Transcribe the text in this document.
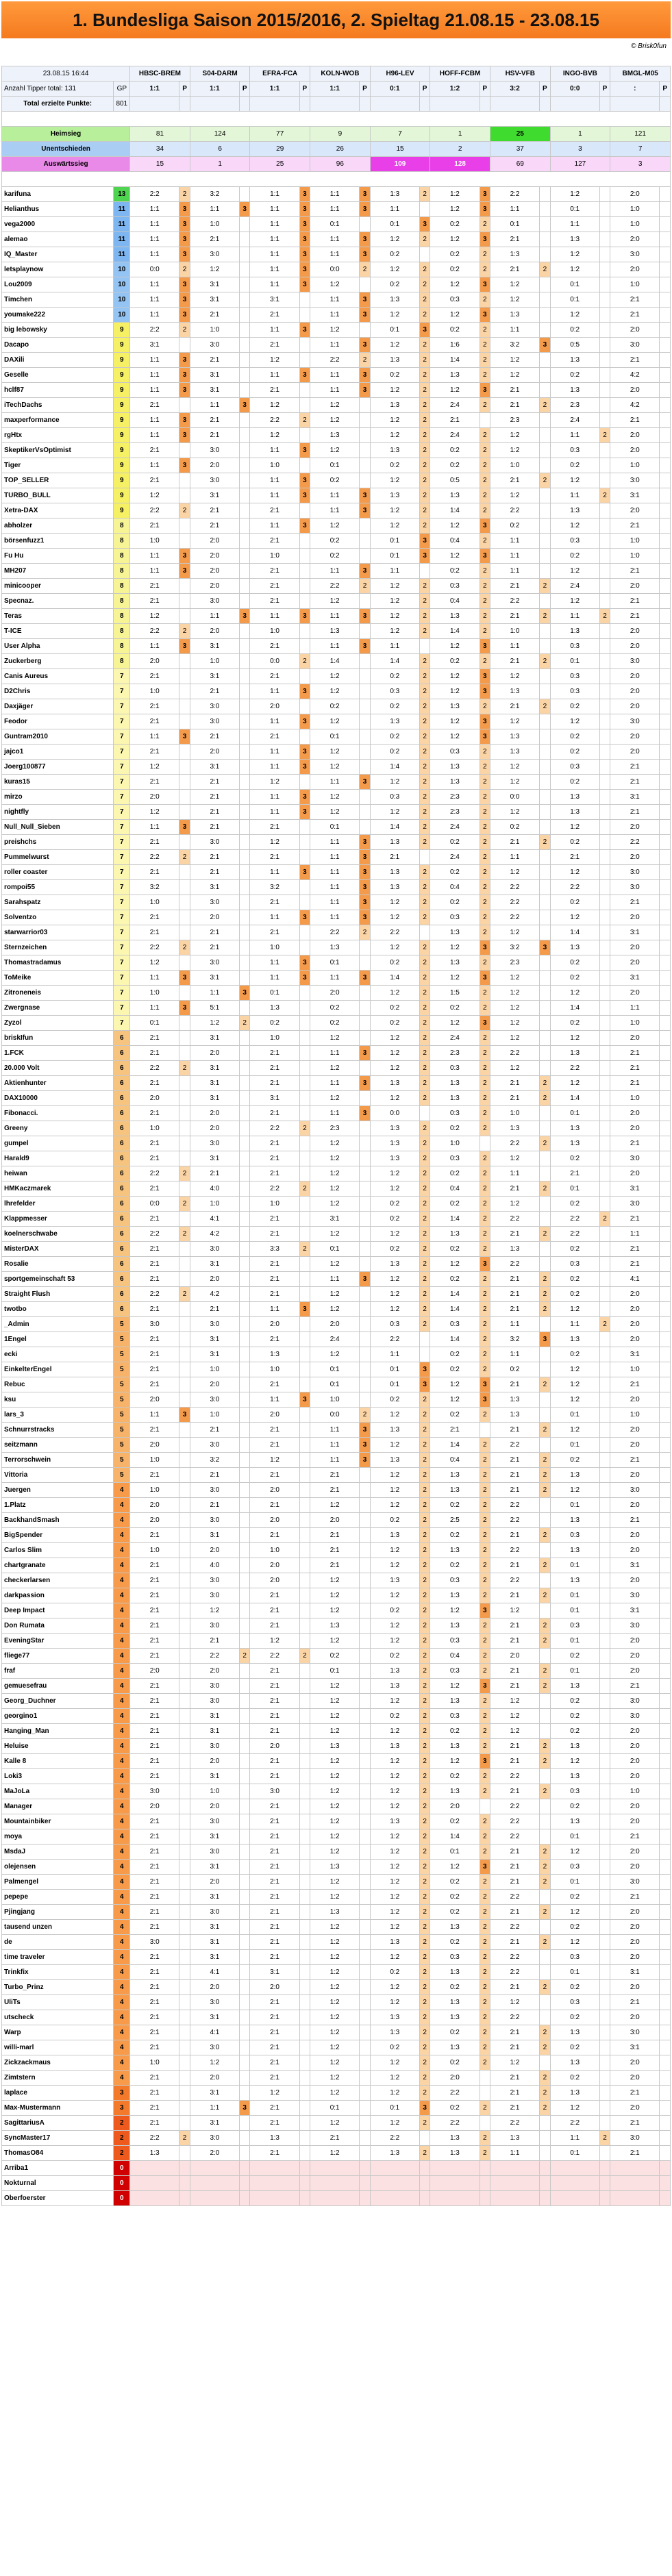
1. Bundesliga Saison 2015/2016, 2. Spieltag 21.08.15 - 23.08.15
© Brisk0fun
23.08.15 16:44		HBSC-BREM		S04-DARM		EFRA-FCA		KOLN-WOB		H96-LEV		HOFF-FCBM		HSV-VFB		INGO-BVB		BMGL-M05	
Anzahl Tipper total: 131	GP	1:1	P	1:1	P	1:1	P	1:1	P	0:1	P	1:2	P	3:2	P	0:0	P	:	P
Total erzielte Punkte:	801																		

Heimsieg		81		124		77		9		7		1		25		1		121	
Unentschieden		34		6		29		26		15		2		37		3		7	
Auswärtssieg		15		1		25		96		109		128		69		127		3	

karifuna	13	2:2	2	3:2		1:1	3	1:1	3	1:3	2	1:2	3	2:2		1:2		2:0	
Helianthus	11	1:1	3	1:1	3	1:1	3	1:1	3	1:1		1:2	3	1:1		0:1		1:0	
vega2000	11	1:1	3	1:0		1:1	3	0:1		0:1	3	0:2	2	0:1		1:1		1:0	
alemao	11	1:1	3	2:1		1:1	3	1:1	3	1:2	2	1:2	3	2:1		1:3		2:0	
IQ_Master	11	1:1	3	3:0		1:1	3	1:1	3	0:2		0:2	2	1:3		1:2		3:0	
letsplaynow	10	0:0	2	1:2		1:1	3	0:0	2	1:2	2	0:2	2	2:1	2	1:2		2:0	
Lou2009	10	1:1	3	3:1		1:1	3	1:2		0:2	2	1:2	3	1:2		0:1		1:0	
Timchen	10	1:1	3	3:1		3:1		1:1	3	1:3	2	0:3	2	1:2		0:1		2:1	
youmake222	10	1:1	3	2:1		2:1		1:1	3	1:2	2	1:2	3	1:3		1:2		2:1	
big lebowsky	9	2:2	2	1:0		1:1	3	1:2		0:1	3	0:2	2	1:1		0:2		2:0	
Dacapo	9	3:1		3:0		2:1		1:1	3	1:2	2	1:6	2	3:2	3	0:5		3:0	
DAXili	9	1:1	3	2:1		1:2		2:2	2	1:3	2	1:4	2	1:2		1:3		2:1	
Geselle	9	1:1	3	3:1		1:1	3	1:1	3	0:2	2	1:3	2	1:2		0:2		4:2	
hclf87	9	1:1	3	3:1		2:1		1:1	3	1:2	2	1:2	3	2:1		1:3		2:0	
iTechDachs	9	2:1		1:1	3	1:2		1:2		1:3	2	2:4	2	2:1	2	2:3		4:2	
maxperformance	9	1:1	3	2:1		2:2	2	1:2		1:2	2	2:1		2:3		2:4		2:1	
rgHtx	9	1:1	3	2:1		1:2		1:3		1:2	2	2:4	2	1:2		1:1	2	2:0	
SkeptikerVsOptimist	9	2:1		3:0		1:1	3	1:2		1:3	2	0:2	2	1:2		0:3		2:0	
Tiger	9	1:1	3	2:0		1:0		0:1		0:2	2	0:2	2	1:0		0:2		1:0	
TOP_SELLER	9	2:1		3:0		1:1	3	0:2		1:2	2	0:5	2	2:1	2	1:2		3:0	
TURBO_BULL	9	1:2		3:1		1:1	3	1:1	3	1:3	2	1:3	2	1:2		1:1	2	3:1	
Xetra-DAX	9	2:2	2	2:1		2:1		1:1	3	1:2	2	1:4	2	2:2		1:3		2:0	
abholzer	8	2:1		2:1		1:1	3	1:2		1:2	2	1:2	3	0:2		1:2		2:1	
börsenfuzz1	8	1:0		2:0		2:1		0:2		0:1	3	0:4	2	1:1		0:3		1:0	
Fu Hu	8	1:1	3	2:0		1:0		0:2		0:1	3	1:2	3	1:1		0:2		1:0	
MH207	8	1:1	3	2:0		2:1		1:1	3	1:1		0:2	2	1:1		1:2		2:1	
minicooper	8	2:1		2:0		2:1		2:2	2	1:2	2	0:3	2	2:1	2	2:4		2:0	
Specnaz.	8	2:1		3:0		2:1		1:2		1:2	2	0:4	2	2:2		1:2		2:1	
Teras	8	1:2		1:1	3	1:1	3	1:1	3	1:2	2	1:3	2	2:1	2	1:1	2	2:1	
T-ICE	8	2:2	2	2:0		1:0		1:3		1:2	2	1:4	2	1:0		1:3		2:0	
User Alpha	8	1:1	3	3:1		2:1		1:1	3	1:1		1:2	3	1:1		0:3		2:0	
Zuckerberg	8	2:0		1:0		0:0	2	1:4		1:4	2	0:2	2	2:1	2	0:1		3:0	
Canis Aureus	7	2:1		3:1		2:1		1:2		0:2	2	1:2	3	1:2		0:3		2:0	
D2Chris	7	1:0		2:1		1:1	3	1:2		0:3	2	1:2	3	1:3		0:3		2:0	
Daxjäger	7	2:1		3:0		2:0		0:2		0:2	2	1:3	2	2:1	2	0:2		2:0	
Feodor	7	2:1		3:0		1:1	3	1:2		1:3	2	1:2	3	1:2		1:2		3:0	
Guntram2010	7	1:1	3	2:1		2:1		0:1		0:2	2	1:2	3	1:3		0:2		2:0	
jajco1	7	2:1		2:0		1:1	3	1:2		0:2	2	0:3	2	1:3		0:2		2:0	
Joerg100877	7	1:2		3:1		1:1	3	1:2		1:4	2	1:3	2	1:2		0:3		2:1	
kuras15	7	2:1		2:1		1:2		1:1	3	1:2	2	1:3	2	1:2		0:2		2:1	
mirzo	7	2:0		2:1		1:1	3	1:2		0:3	2	2:3	2	0:0		1:3		3:1	
nightfly	7	1:2		2:1		1:1	3	1:2		1:2	2	2:3	2	1:2		1:3		2:1	
Null_Null_Sieben	7	1:1	3	2:1		2:1		0:1		1:4	2	2:4	2	0:2		1:2		2:0	
preishchs	7	2:1		3:0		1:2		1:1	3	1:3	2	0:2	2	2:1	2	0:2		2:2	
Pummelwurst	7	2:2	2	2:1		2:1		1:1	3	2:1		2:4	2	1:1		2:1		2:0	
roller coaster	7	2:1		2:1		1:1	3	1:1	3	1:3	2	0:2	2	1:2		1:2		3:0	
rompoi55	7	3:2		3:1		3:2		1:1	3	1:3	2	0:4	2	2:2		2:2		3:0	
Sarahspatz	7	1:0		3:0		2:1		1:1	3	1:2	2	0:2	2	2:2		0:2		2:1	
Solventzo	7	2:1		2:0		1:1	3	1:1	3	1:2	2	0:3	2	2:2		1:2		2:0	
starwarrior03	7	2:1		2:1		2:1		2:2	2	2:2		1:3	2	1:2		1:4		3:1	
Sternzeichen	7	2:2	2	2:1		1:0		1:3		1:2	2	1:2	3	3:2	3	1:3		2:0	
Thomastradamus	7	1:2		3:0		1:1	3	0:1		0:2	2	1:3	2	2:3		0:2		2:0	
ToMeike	7	1:1	3	3:1		1:1	3	1:1	3	1:4	2	1:2	3	1:2		0:2		3:1	
Zitroneneis	7	1:0		1:1	3	0:1		2:0		1:2	2	1:5	2	1:2		1:2		2:0	
Zwergnase	7	1:1	3	5:1		1:3		0:2		0:2	2	0:2	2	1:2		1:4		1:1	
Zyzol	7	0:1		1:2	2	0:2		0:2		0:2	2	1:2	3	1:2		0:2		1:0	
briskIfun	6	2:1		3:1		1:0		1:2		1:2	2	2:4	2	1:2		1:2		2:0	
1.FCK	6	2:1		2:0		2:1		1:1	3	1:2	2	2:3	2	2:2		1:3		2:1	
20.000 Volt	6	2:2	2	3:1		2:1		1:2		1:2	2	0:3	2	1:2		2:2		2:1	
Aktienhunter	6	2:1		3:1		2:1		1:1	3	1:3	2	1:3	2	2:1	2	1:2		2:1	
DAX10000	6	2:0		3:1		3:1		1:2		1:2	2	1:3	2	2:1	2	1:4		1:0	
Fibonacci.	6	2:1		2:0		2:1		1:1	3	0:0		0:3	2	1:0		0:1		2:0	
Greeny	6	1:0		2:0		2:2	2	2:3		1:3	2	0:2	2	1:3		1:3		2:0	
gumpel	6	2:1		3:0		2:1		1:2		1:3	2	1:0		2:2	2	1:3		2:1	
Harald9	6	2:1		3:1		2:1		1:2		1:3	2	0:3	2	1:2		0:2		3:0	
heiwan	6	2:2	2	2:1		2:1		1:2		1:2	2	0:2	2	1:1		2:1		2:0	
HMKaczmarek	6	2:1		4:0		2:2	2	1:2		1:2	2	0:4	2	2:1	2	0:1		3:1	
lhrefelder	6	0:0	2	1:0		1:0		1:2		0:2	2	0:2	2	1:2		0:2		3:0	
Klappmesser	6	2:1		4:1		2:1		3:1		0:2	2	1:4	2	2:2		2:2	2	2:1	
koelnerschwabe	6	2:2	2	4:2		2:1		1:2		1:2	2	1:3	2	2:1	2	2:2		1:1	
MisterDAX	6	2:1		3:0		3:3	2	0:1		0:2	2	0:2	2	1:3		0:2		2:1	
Rosalie	6	2:1		3:1		2:1		1:2		1:3	2	1:2	3	2:2		0:3		2:1	
sportgemeinschaft 53	6	2:1		2:0		2:1		1:1	3	1:2	2	0:2	2	2:1	2	0:2		4:1	
Straight Flush	6	2:2	2	4:2		2:1		1:2		1:2	2	1:4	2	2:1	2	0:2		2:0	
twotbo	6	2:1		2:1		1:1	3	1:2		1:2	2	1:4	2	2:1	2	1:2		2:0	
_Admin	5	3:0		3:0		2:0		2:0		0:3	2	0:3	2	1:1		1:1	2	2:0	
1Engel	5	2:1		3:1		2:1		2:4		2:2		1:4	2	3:2	3	1:3		2:0	
ecki	5	2:1		3:1		1:3		1:2		1:1		0:2	2	1:1		0:2		3:1	
EinkelterEngel	5	2:1		1:0		1:0		0:1		0:1	3	0:2	2	0:2		1:2		1:0	
Rebuc	5	2:1		2:0		2:1		0:1		0:1	3	1:2	3	2:1	2	1:2		2:1	
ksu	5	2:0		3:0		1:1	3	1:0		0:2	2	1:2	3	1:3		1:2		2:0	
lars_3	5	1:1	3	1:0		2:0		0:0	2	1:2	2	0:2	2	1:3		0:1		1:0	
Schnurrstracks	5	2:1		2:1		2:1		1:1	3	1:3	2	2:1		2:1	2	1:2		2:0	
seitzmann	5	2:0		3:0		2:1		1:1	3	1:2	2	1:4	2	2:2		0:1		2:0	
Terrorschwein	5	1:0		3:2		1:2		1:1	3	1:3	2	0:4	2	2:1	2	0:2		2:1	
Vittoria	5	2:1		2:1		2:1		2:1		1:2	2	1:3	2	2:1	2	1:3		2:0	
Juergen	4	1:0		3:0		2:0		2:1		1:2	2	1:3	2	2:1	2	1:2		3:0	
1.Platz	4	2:0		2:1		2:1		1:2		1:2	2	0:2	2	2:2		0:1		2:0	
BackhandSmash	4	2:0		3:0		2:0		2:0		0:2	2	2:5	2	2:2		1:3		2:1	
BigSpender	4	2:1		3:1		2:1		2:1		1:3	2	0:2	2	2:1	2	0:3		2:0	
Carlos Slim	4	1:0		2:0		1:0		2:1		1:2	2	1:3	2	2:2		1:3		2:0	
chartgranate	4	2:1		4:0		2:0		2:1		1:2	2	0:2	2	2:1	2	0:1		3:1	
checkerlarsen	4	2:1		3:0		2:0		1:2		1:3	2	0:3	2	2:2		1:3		2:0	
darkpassion	4	2:1		3:0		2:1		1:2		1:2	2	1:3	2	2:1	2	0:1		3:0	
Deep Impact	4	2:1		1:2		2:1		1:2		0:2	2	1:2	3	1:2		0:1		3:1	
Don Rumata	4	2:1		3:0		2:1		1:3		1:2	2	1:3	2	2:1	2	0:3		3:0	
EveningStar	4	2:1		2:1		1:2		1:2		1:2	2	0:3	2	2:1	2	0:1		2:0	
fliege77	4	2:1		2:2	2	2:2	2	0:2		0:2	2	0:4	2	2:0		0:2		2:0	
fraf	4	2:0		2:0		2:1		0:1		1:3	2	0:3	2	2:1	2	0:1		2:0	
gemuesefrau	4	2:1		3:0		2:1		1:2		1:3	2	1:2	3	2:1	2	1:3		2:1	
Georg_Duchner	4	2:1		3:0		2:1		1:2		1:2	2	1:3	2	1:2		0:2		3:0	
georgino1	4	2:1		3:1		2:1		1:2		0:2	2	0:3	2	1:2		0:2		3:0	
Hanging_Man	4	2:1		3:1		2:1		1:2		1:2	2	0:2	2	1:2		0:2		2:0	
Heluise	4	2:1		3:0		2:0		1:3		1:3	2	1:3	2	2:1	2	1:3		2:0	
Kalle 8	4	2:1		2:0		2:1		1:2		1:2	2	1:2	3	2:1	2	1:2		2:0	
Loki3	4	2:1		3:1		2:1		1:2		1:2	2	0:2	2	2:2		1:3		2:0	
MaJoLa	4	3:0		1:0		3:0		1:2		1:2	2	1:3	2	2:1	2	0:3		1:0	
Manager	4	2:0		2:0		2:1		1:2		1:2	2	2:0		2:2		0:2		2:0	
Mountainbiker	4	2:1		3:0		2:1		1:2		1:3	2	0:2	2	2:2		1:3		2:0	
moya	4	2:1		3:1		2:1		1:2		1:2	2	1:4	2	2:2		0:1		2:1	
MsdaJ	4	2:1		3:0		2:1		1:2		1:2	2	0:1	2	2:1	2	1:2		2:0	
olejensen	4	2:1		3:1		2:1		1:3		1:2	2	1:2	3	2:1	2	0:3		2:0	
Palmengel	4	2:1		2:0		2:1		1:2		1:2	2	0:2	2	2:1	2	0:1		3:0	
pepepe	4	2:1		3:1		2:1		1:2		1:2	2	0:2	2	2:2		0:2		2:1	
Pjingjang	4	2:1		3:0		2:1		1:3		1:2	2	0:2	2	2:1	2	1:2		2:0	
tausend unzen	4	2:1		3:1		2:1		1:2		1:2	2	1:3	2	2:2		0:2		2:0	
de	4	3:0		3:1		2:1		1:2		1:3	2	0:2	2	2:1	2	1:2		2:0	
time traveler	4	2:1		3:1		2:1		1:2		1:2	2	0:3	2	2:2		0:3		2:0	
Trinkfix	4	2:1		4:1		3:1		1:2		0:2	2	1:3	2	2:2		0:1		3:1	
Turbo_Prinz	4	2:1		2:0		2:0		1:2		1:2	2	0:2	2	2:1	2	0:2		2:0	
UliTs	4	2:1		3:0		2:1		1:2		1:2	2	1:3	2	1:2		0:3		2:1	
utscheck	4	2:1		3:1		2:1		1:2		1:3	2	1:3	2	2:2		0:2		2:0	
Warp	4	2:1		4:1		2:1		1:2		1:3	2	0:2	2	2:1	2	1:3		3:0	
willi-marl	4	2:1		3:0		2:1		1:2		0:2	2	1:3	2	2:1	2	0:2		3:1	
Zickzackmaus	4	1:0		1:2		2:1		1:2		1:2	2	0:2	2	1:2		1:3		2:0	
Zimtstern	4	2:1		2:0		2:1		1:2		1:2	2	2:0		2:1	2	0:2		2:0	
laplace	3	2:1		3:1		1:2		1:2		1:2	2	2:2		2:1	2	1:3		2:1	
Max-Mustermann	3	2:1		1:1	3	2:1		0:1		0:1	3	0:2	2	2:1	2	1:2		2:0	
SagittariusA	2	2:1		3:1		2:1		1:2		1:2	2	2:2		2:2		2:2		2:1	
SyncMaster17	2	2:2	2	3:0		1:3		2:1		2:2		1:3	2	1:3		1:1	2	3:0	
ThomasO84	2	1:3		2:0		2:1		1:2		1:3	2	1:3	2	1:1		0:1		2:1	
Arriba1	0																		
Nokturnal	0																		
Oberfoerster	0																		
